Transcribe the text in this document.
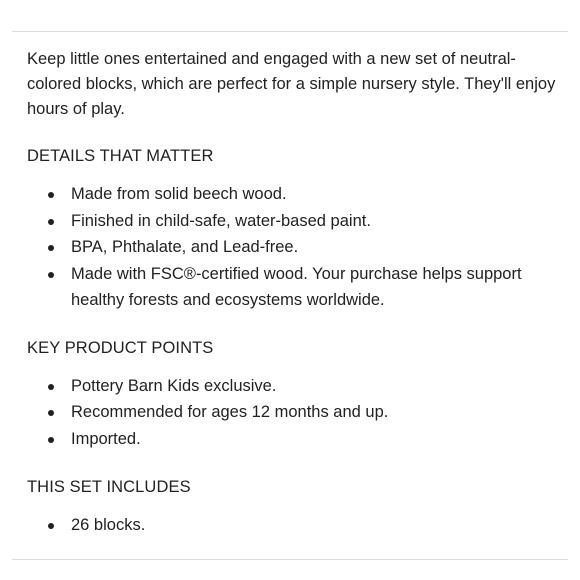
Keep little ones entertained and engaged with a new set of neutral-colored blocks, which are perfect for a simple nursery style. They'll enjoy hours of play.

DETAILS THAT MATTER
Made from solid beech wood.
Finished in child-safe, water-based paint.
BPA, Phthalate, and Lead-free.
Made with FSC®-certified wood. Your purchase helps support healthy forests and ecosystems worldwide.
KEY PRODUCT POINTS
Pottery Barn Kids exclusive.
Recommended for ages 12 months and up.
Imported.
THIS SET INCLUDES
26 blocks.
